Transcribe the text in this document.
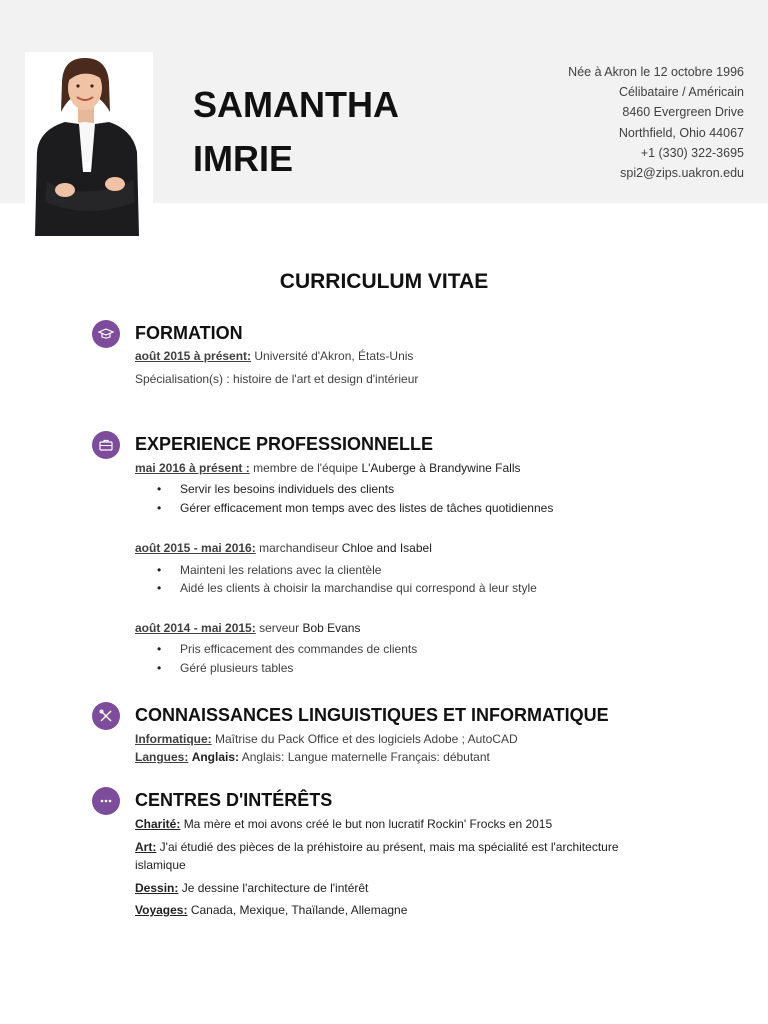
SAMANTHA
IMRIE
Née à Akron le 12 octobre 1996
Célibataire / Américain
8460 Evergreen Drive
Northfield, Ohio 44067
+1 (330) 322-3695
spi2@zips.uakron.edu
CURRICULUM VITAE
FORMATION
août 2015 à présent: Université d'Akron, États-Unis
Spécialisation(s) : histoire de l'art et design d'intérieur
EXPERIENCE PROFESSIONNELLE
mai 2016 à présent : membre de l'équipe L'Auberge à Brandywine Falls
• Servir les besoins individuels des clients
• Gérer efficacement mon temps avec des listes de tâches quotidiennes
août 2015 - mai 2016: marchandiseur Chloe and Isabel
• Mainteni les relations avec la clientèle
• Aidé les clients à choisir la marchandise qui correspond à leur style
août 2014 - mai 2015: serveur Bob Evans
• Pris efficacement des commandes de clients
• Géré plusieurs tables
CONNAISSANCES LINGUISTIQUES ET INFORMATIQUE
Informatique: Maîtrise du Pack Office et des logiciels Adobe ; AutoCAD
Langues: Anglais: Anglais: Langue maternelle Français: débutant
CENTRES D'INTÉRÊTS
Charité: Ma mère et moi avons créé le but non lucratif Rockin' Frocks en 2015
Art: J'ai étudié des pièces de la préhistoire au présent, mais ma spécialité est l'architecture islamique
Dessin: Je dessine l'architecture de l'intérêt
Voyages: Canada, Mexique, Thaïlande, Allemagne
